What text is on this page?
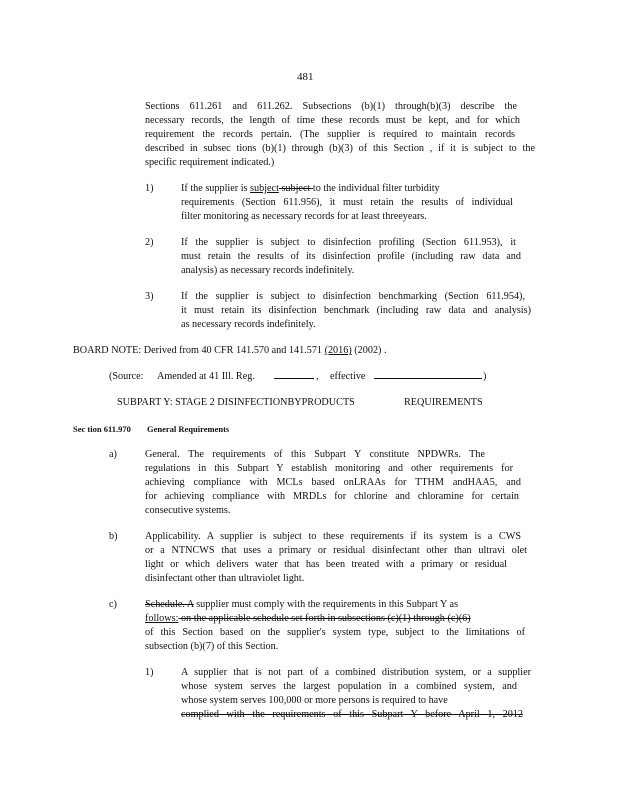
481
Sections 611.261 and 611.262. Subsections (b)(1) through(b)(3) describe the
necessary records, the length of time these records must be kept, and for which
requirement the records pertain. (The supplier is required to maintain records
described in subsec tions (b)(1) through (b)(3) of this Section , if it is subject to the
specific requirement indicated.)
1)	If the supplier is subject subject to the individual filter turbidity
requirements (Section 611.956), it must retain the results of individual
filter monitoring as necessary records for at least threeyears.
2)	If the supplier is subject to disinfection profiling (Section 611.953), it
must retain the results of its disinfection profile (including raw data and
analysis) as necessary records indefinitely.
3)	If the supplier is subject to disinfection benchmarking (Section 611.954),
it must retain its disinfection benchmark (including raw data and analysis)
as necessary records indefinitely.
BOARD NOTE: Derived from 40 CFR 141.570 and 141.571 (2016) (2002) .
(Source: Amended at 41 Ill. Reg.	, effective	)
SUBPART Y: STAGE 2 DISINFECTIONBYPRODUCTS	REQUIREMENTS
Sec tion 611.970 General Requirements
a)	General. The requirements of this Subpart Y constitute NPDWRs. The
regulations in this Subpart Y establish monitoring and other requirements for
achieving compliance with MCLs based onLRAAs for TTHM andHAA5, and
for achieving compliance with MRDLs for chlorine and chloramine for certain
consecutive systems.
b)	Applicability. A supplier is subject to these requirements if its system is a CWS
or a NTNCWS that uses a primary or residual disinfectant other than ultravi olet
light or which delivers water that has been treated with a primary or residual
disinfectant other than ultraviolet light.
c)	Schedule. A supplier must comply with the requirements in this Subpart Y as
follows: on the applicable schedule set forth in subsections (c)(1) through (c)(6)
of this Section based on the supplier's system type, subject to the limitations of
subsection (b)(7) of this Section.
1)	A supplier that is not part of a combined distribution system, or a supplier
whose system serves the largest population in a combined system, and
whose system serves 100,000 or more persons is required to have
complied with the requirements of this Subpart Y before April 1, 2012
